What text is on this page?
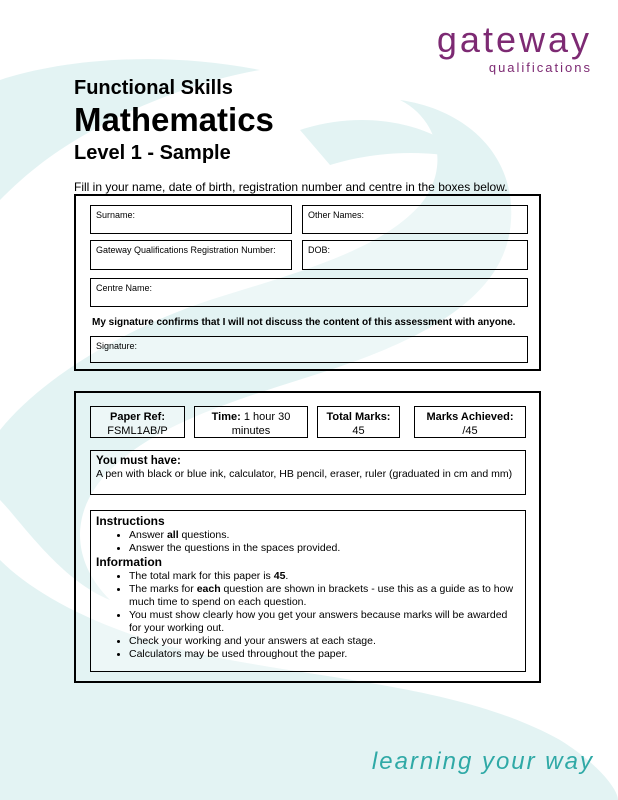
gateway
qualifications
Functional Skills
Mathematics
Level 1 - Sample
Fill in your name, date of birth, registration number and centre in the boxes below.
Surname:	Other Names:
Gateway Qualifications Registration Number:	DOB:
Centre Name:
My signature confirms that I will not discuss the content of this assessment with anyone.
Signature:
Paper Ref:
FSML1AB/P
Time: 1 hour 30
minutes
Total Marks:
45
Marks Achieved:
/45
You must have:
A pen with black or blue ink, calculator, HB pencil, eraser, ruler (graduated in cm and mm)
Instructions
• Answer all questions.
• Answer the questions in the spaces provided.
Information
• The total mark for this paper is 45.
• The marks for each question are shown in brackets - use this as a guide as to how much time to spend on each question.
• You must show clearly how you get your answers because marks will be awarded for your working out.
• Check your working and your answers at each stage.
• Calculators may be used throughout the paper.
learning your way
